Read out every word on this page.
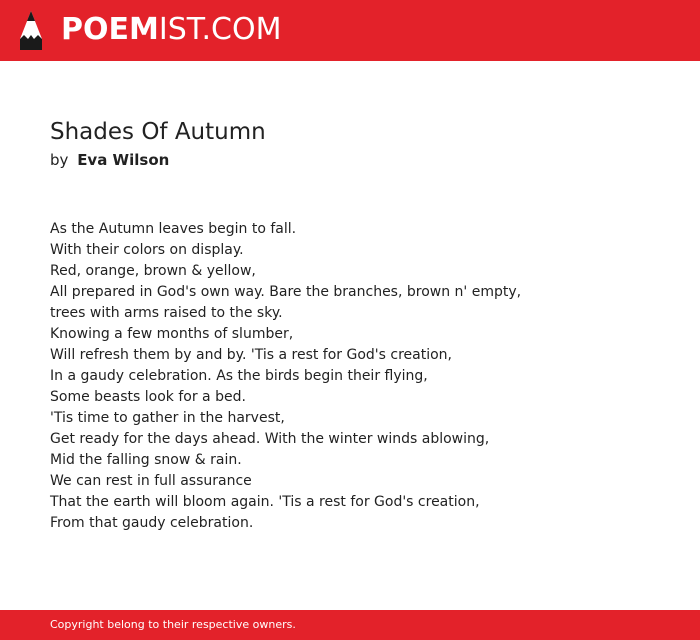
POEMIST.COM
Shades Of Autumn
by Eva Wilson
As the Autumn leaves begin to fall.
With their colors on display.
Red, orange, brown & yellow,
All prepared in God's own way. Bare the branches, brown n' empty,
trees with arms raised to the sky.
Knowing a few months of slumber,
Will refresh them by and by. 'Tis a rest for God's creation,
In a gaudy celebration. As the birds begin their flying,
Some beasts look for a bed.
'Tis time to gather in the harvest,
Get ready for the days ahead. With the winter winds ablowing,
Mid the falling snow & rain.
We can rest in full assurance
That the earth will bloom again. 'Tis a rest for God's creation,
From that gaudy celebration.
Copyright belong to their respective owners.
